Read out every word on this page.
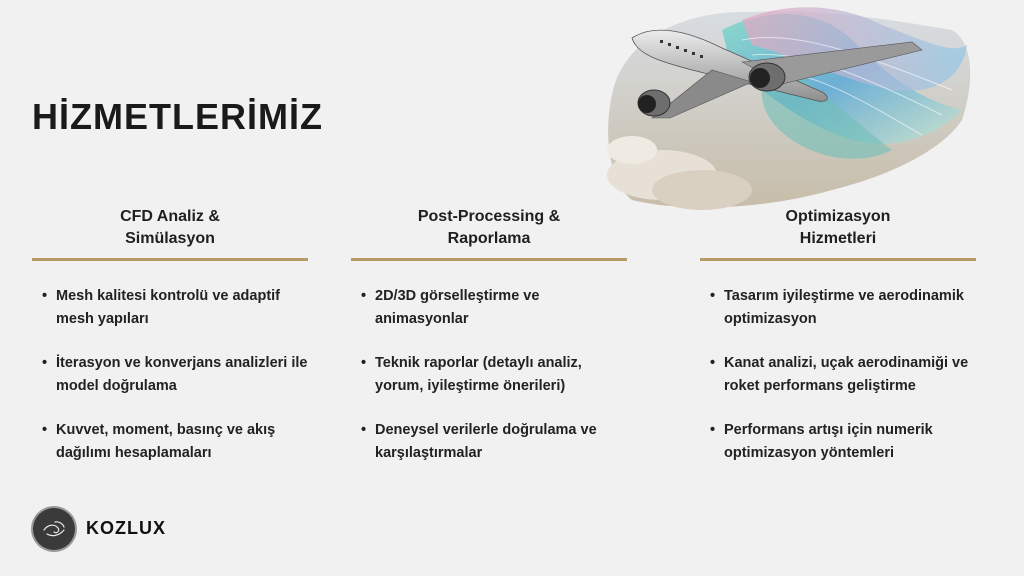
HİZMETLERİMİZ
CFD Analiz &
Simülasyon
• Mesh kalitesi kontrolü ve adaptif mesh yapıları
• İterasyon ve konverjans analizleri ile model doğrulama
• Kuvvet, moment, basınç ve akış dağılımı hesaplamaları
Post-Processing &
Raporlama
• 2D/3D görselleştirme ve animasyonlar
• Teknik raporlar (detaylı analiz, yorum, iyileştirme önerileri)
• Deneysel verilerle doğrulama ve karşılaştırmalar
Optimizasyon
Hizmetleri
• Tasarım iyileştirme ve aerodinamik optimizasyon
• Kanat analizi, uçak aerodinamiği ve roket performans geliştirme
• Performans artışı için numerik optimizasyon yöntemleri
KOZLUX
